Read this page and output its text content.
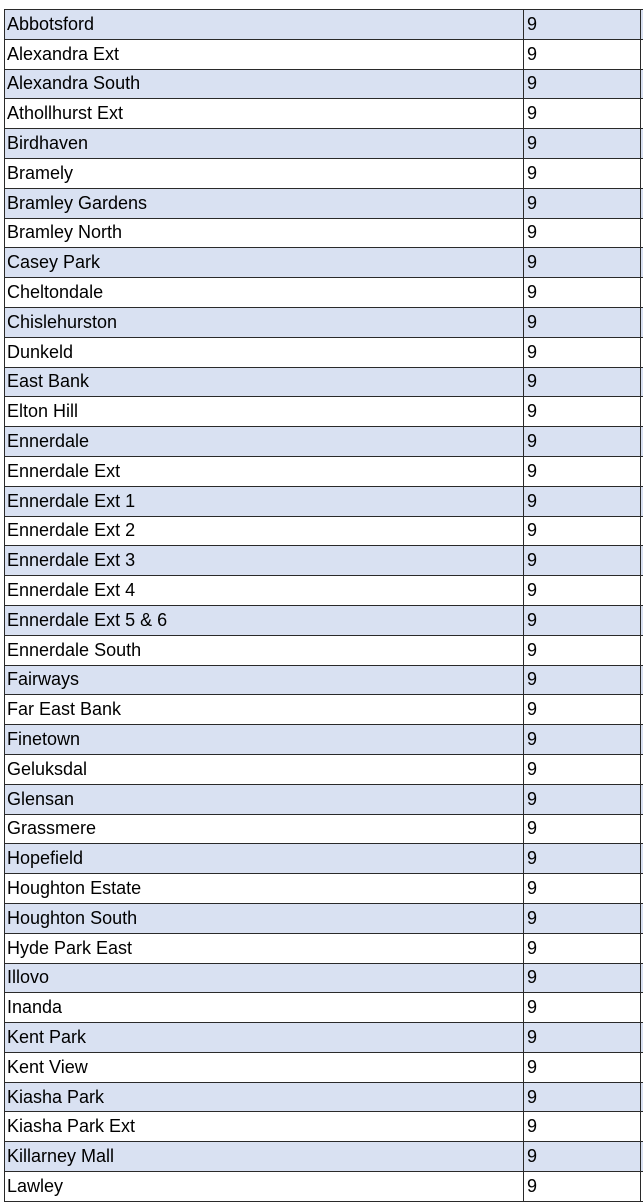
Abbotsford	9
Alexandra Ext	9
Alexandra South	9
Athollhurst Ext	9
Birdhaven	9
Bramely	9
Bramley Gardens	9
Bramley North	9
Casey Park	9
Cheltondale	9
Chislehurston	9
Dunkeld	9
East Bank	9
Elton Hill	9
Ennerdale	9
Ennerdale Ext	9
Ennerdale Ext 1	9
Ennerdale Ext 2	9
Ennerdale Ext 3	9
Ennerdale Ext 4	9
Ennerdale Ext 5 & 6	9
Ennerdale South	9
Fairways	9
Far East Bank	9
Finetown	9
Geluksdal	9
Glensan	9
Grassmere	9
Hopefield	9
Houghton Estate	9
Houghton South	9
Hyde Park East	9
Illovo	9
Inanda	9
Kent Park	9
Kent View	9
Kiasha Park	9
Kiasha Park Ext	9
Killarney Mall	9
Lawley	9
